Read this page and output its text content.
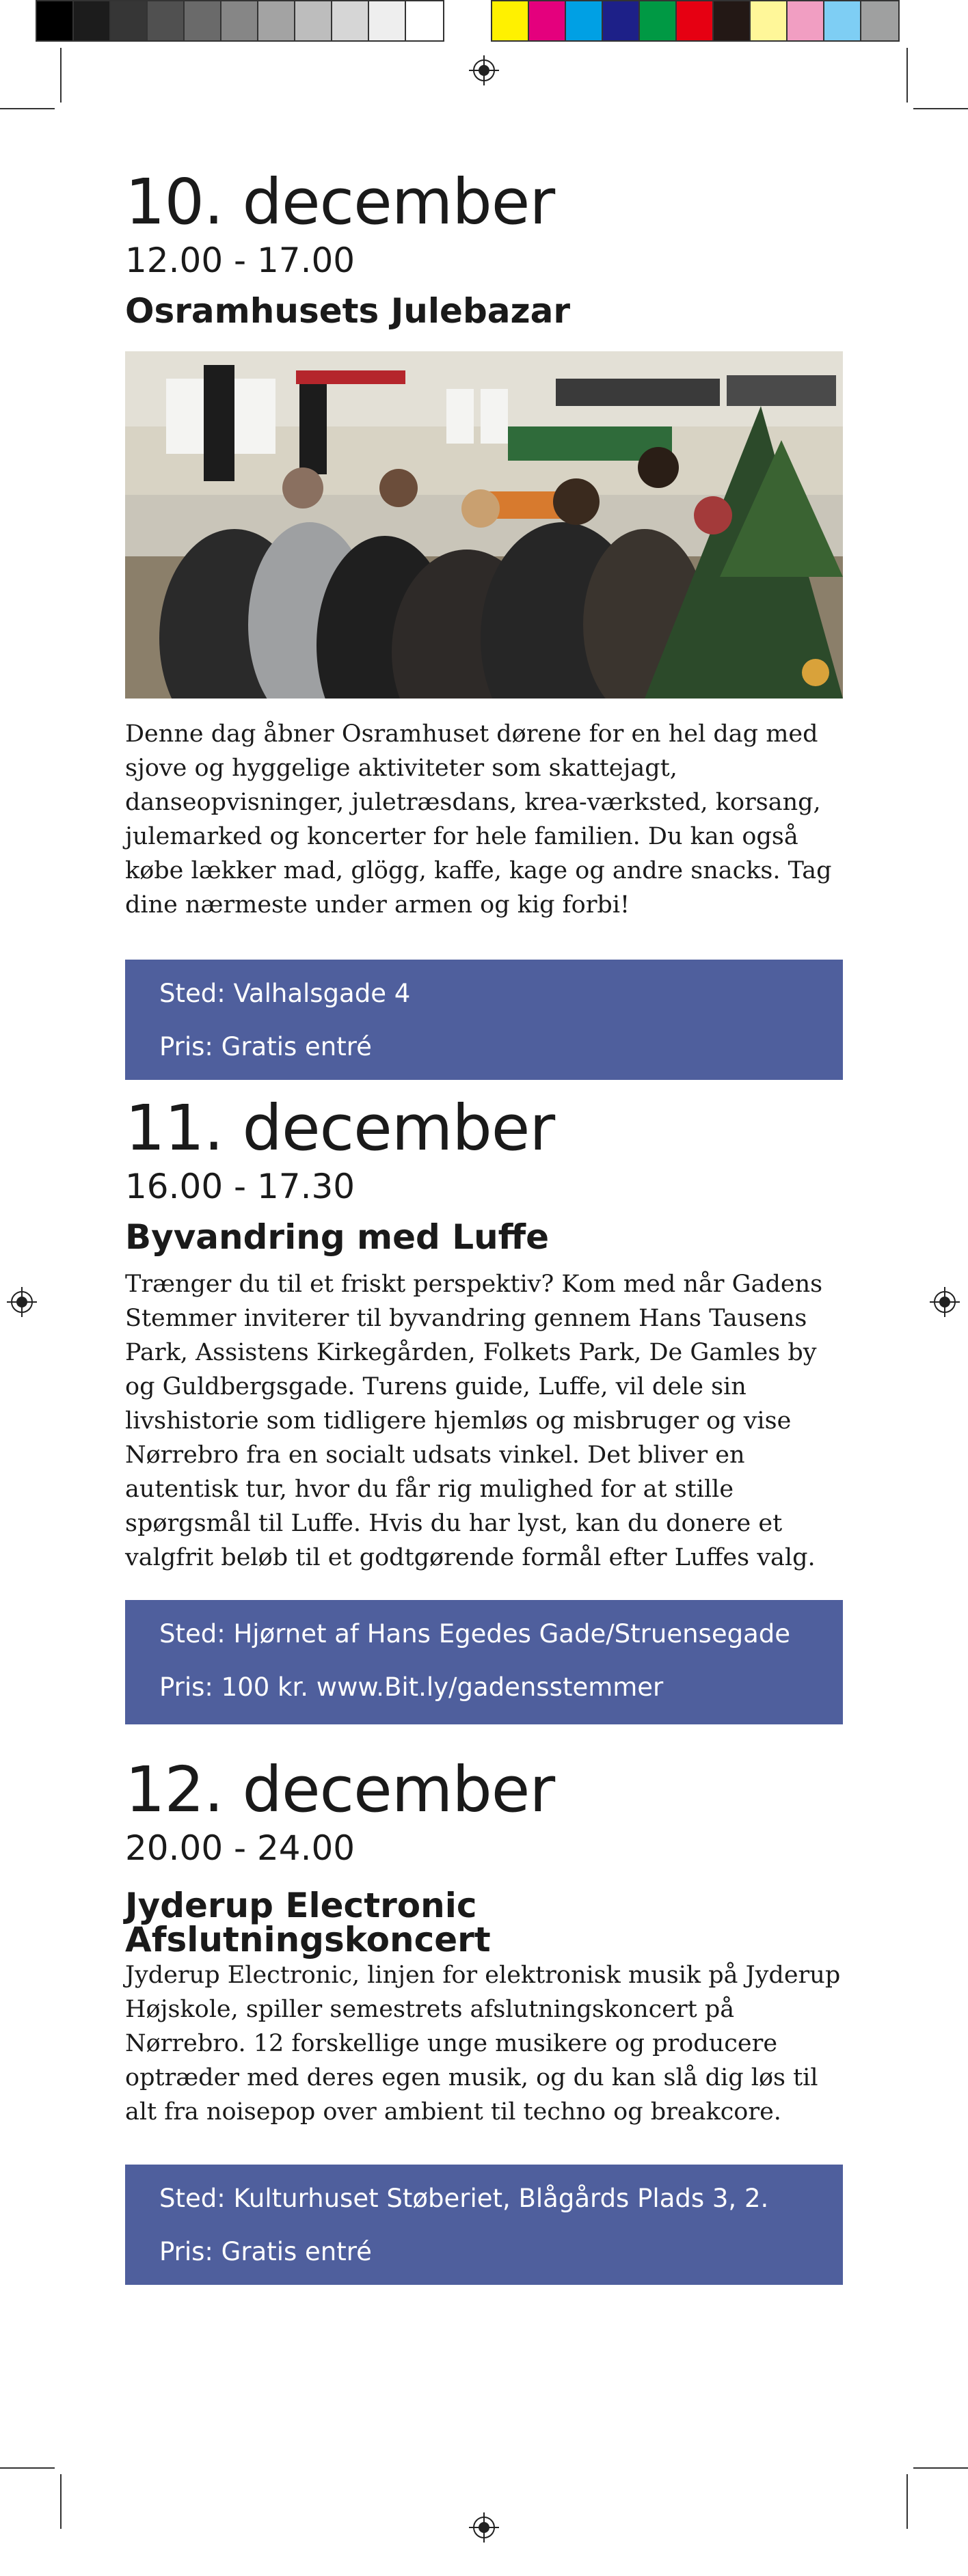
10. december
12.00 - 17.00
Osramhusets Julebazar

Denne dag åbner Osramhuset dørene for en hel dag med sjove og hyggelige aktiviteter som skattejagt, danseopvisninger, juletræsdans, krea-værksted, korsang, julemarked og koncerter for hele familien. Du kan også købe lækker mad, glögg, kaffe, kage og andre snacks. Tag dine nærmeste under armen og kig forbi!

Sted: Valhalsgade 4
Pris: Gratis entré
11. december
16.00 - 17.30
Byvandring med Luffe

Trænger du til et friskt perspektiv? Kom med når Gadens Stemmer inviterer til byvandring gennem Hans Tausens Park, Assistens Kirkegården, Folkets Park, De Gamles by og Guldbergsgade. Turens guide, Luffe, vil dele sin livshistorie som tidligere hjemløs og misbruger og vise Nørrebro fra en socialt udsats vinkel. Det bliver en autentisk tur, hvor du får rig mulighed for at stille spørgsmål til Luffe. Hvis du har lyst, kan du donere et valgfrit beløb til et godtgørende formål efter Luffes valg.

Sted: Hjørnet af Hans Egedes Gade/Struensegade
Pris: 100 kr. www.Bit.ly/gadensstemmer
12. december
20.00 - 24.00
Jyderup Electronic Afslutningskoncert

Jyderup Electronic, linjen for elektronisk musik på Jyderup Højskole, spiller semestrets afslutningskoncert på Nørrebro. 12 forskellige unge musikere og producere optræder med deres egen musik, og du kan slå dig løs til alt fra noisepop over ambient til techno og breakcore.

Sted: Kulturhuset Støberiet, Blågårds Plads 3, 2.
Pris: Gratis entré
